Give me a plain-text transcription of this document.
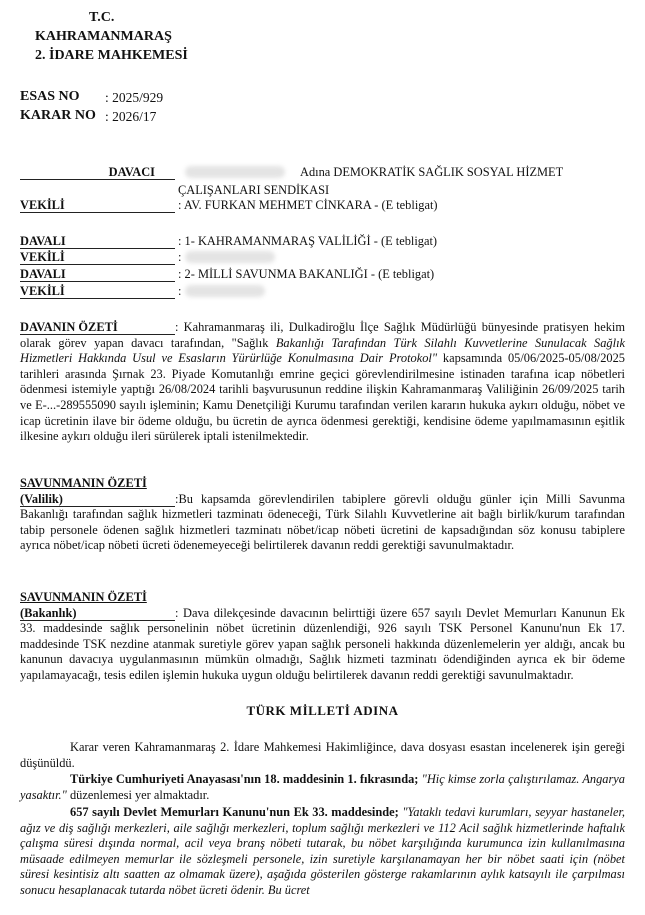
T.C.
KAHRAMANMARAŞ
2. İDARE MAHKEMESİ
ESAS NO : 2025/929
KARAR NO : 2026/17
DAVACI	Adına DEMOKRATİK SAĞLIK SOSYAL HİZMET
ÇALIŞANLARI SENDİKASI
VEKİLİ	: AV. FURKAN MEHMET CİNKARA - (E tebligat)
DAVALI	: 1- KAHRAMANMARAŞ VALİLİĞİ - (E tebligat)
VEKİLİ	:
DAVALI	: 2- MİLLİ SAVUNMA BAKANLIĞI - (E tebligat)
VEKİLİ	:
DAVANIN ÖZETİ	: Kahramanmaraş ili, Dulkadiroğlu İlçe Sağlık Müdürlüğü bünyesinde pratisyen hekim olarak görev yapan davacı tarafından, "Sağlık Bakanlığı Tarafından Türk Silahlı Kuvvetlerine Sunulacak Sağlık Hizmetleri Hakkında Usul ve Esasların Yürürlüğe Konulmasına Dair Protokol" kapsamında 05/06/2025-05/08/2025 tarihleri arasında Şırnak 23. Piyade Komutanlığı emrine geçici görevlendirilmesine istinaden tarafına icap nöbetleri ödenmesi istemiyle yaptığı 26/08/2024 tarihli başvurusunun reddine ilişkin Kahramanmaraş Valiliğinin 26/09/2025 tarih ve E-...-289555090 sayılı işleminin; Kamu Denetçiliği Kurumu tarafından verilen kararın hukuka aykırı olduğu, nöbet ve icap ücretinin ilave bir ödeme olduğu, bu ücretin de ayrıca ödenmesi gerektiği, kendisine ödeme yapılmamasının eşitlik ilkesine aykırı olduğu ileri sürülerek iptali istenilmektedir.
SAVUNMANIN ÖZETİ
(Valilik)	:Bu kapsamda görevlendirilen tabiplere görevli olduğu günler için Milli Savunma Bakanlığı tarafından sağlık hizmetleri tazminatı ödeneceği, Türk Silahlı Kuvvetlerine ait bağlı birlik/kurum tarafından tabip personele ödenen sağlık hizmetleri tazminatı nöbet/icap nöbeti ücretini de kapsadığından söz konusu tabiplere ayrıca nöbet/icap nöbeti ücreti ödenemeyeceği belirtilerek davanın reddi gerektiği savunulmaktadır.
SAVUNMANIN ÖZETİ
(Bakanlık)	: Dava dilekçesinde davacının belirttiği üzere 657 sayılı Devlet Memurları Kanunun Ek 33. maddesinde sağlık personelinin nöbet ücretinin düzenlendiği, 926 sayılı TSK Personel Kanunu'nun Ek 17. maddesinde TSK nezdine atanmak suretiyle görev yapan sağlık personeli hakkında düzenlemelerin yer aldığı, ancak bu kanunun davacıya uygulanmasının mümkün olmadığı, Sağlık hizmeti tazminatı ödendiğinden ayrıca ek bir ödeme yapılamayacağı, tesis edilen işlemin hukuka uygun olduğu belirtilerek davanın reddi gerektiği savunulmaktadır.
TÜRK MİLLETİ ADINA
Karar veren Kahramanmaraş 2. İdare Mahkemesi Hakimliğince, dava dosyası esastan incelenerek işin gereği düşünüldü.
Türkiye Cumhuriyeti Anayasası'nın 18. maddesinin 1. fıkrasında; "Hiç kimse zorla çalıştırılamaz. Angarya yasaktır." düzenlemesi yer almaktadır.
657 sayılı Devlet Memurları Kanunu'nun Ek 33. maddesinde; "Yataklı tedavi kurumları, seyyar hastaneler, ağız ve diş sağlığı merkezleri, aile sağlığı merkezleri, toplum sağlığı merkezleri ve 112 Acil sağlık hizmetlerinde haftalık çalışma süresi dışında normal, acil veya branş nöbeti tutarak, bu nöbet karşılığında kurumunca izin kullanılmasına müsaade edilmeyen memurlar ile sözleşmeli personele, izin suretiyle karşılanamayan her bir nöbet saati için (nöbet süresi kesintisiz altı saatten az olmamak üzere), aşağıda gösterilen gösterge rakamlarının aylık katsayılı ile çarpılması sonucu hesaplanacak tutarda nöbet ücreti ödenir. Bu ücret
